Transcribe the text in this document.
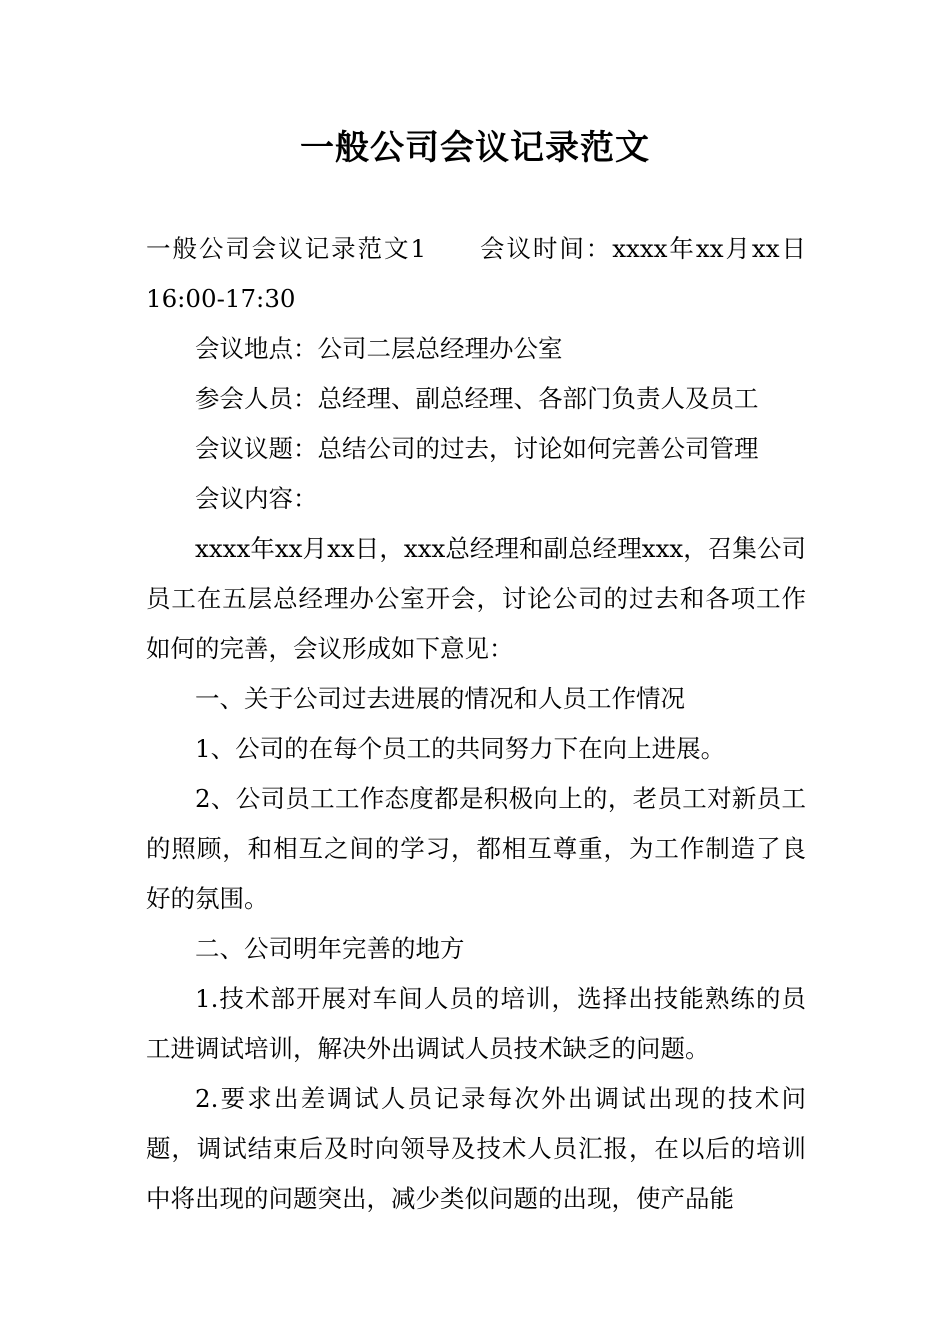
一般公司会议记录范文

一般公司会议记录范文1 会议时间：xxxx年xx月xx日16:00-17:30

会议地点：公司二层总经理办公室

参会人员：总经理、副总经理、各部门负责人及员工

会议议题：总结公司的过去，讨论如何完善公司管理

会议内容：

xxxx年xx月xx日，xxx总经理和副总经理xxx，召集公司员工在五层总经理办公室开会，讨论公司的过去和各项工作如何的完善，会议形成如下意见：

一、关于公司过去进展的情况和人员工作情况

1、公司的在每个员工的共同努力下在向上进展。

2、公司员工工作态度都是积极向上的，老员工对新员工的照顾，和相互之间的学习，都相互尊重，为工作制造了良好的氛围。

二、公司明年完善的地方

1.技术部开展对车间人员的培训，选择出技能熟练的员工进调试培训，解决外出调试人员技术缺乏的问题。

2.要求出差调试人员记录每次外出调试出现的技术问题，调试结束后及时向领导及技术人员汇报，在以后的培训中将出现的问题突出，减少类似问题的出现，使产品能
